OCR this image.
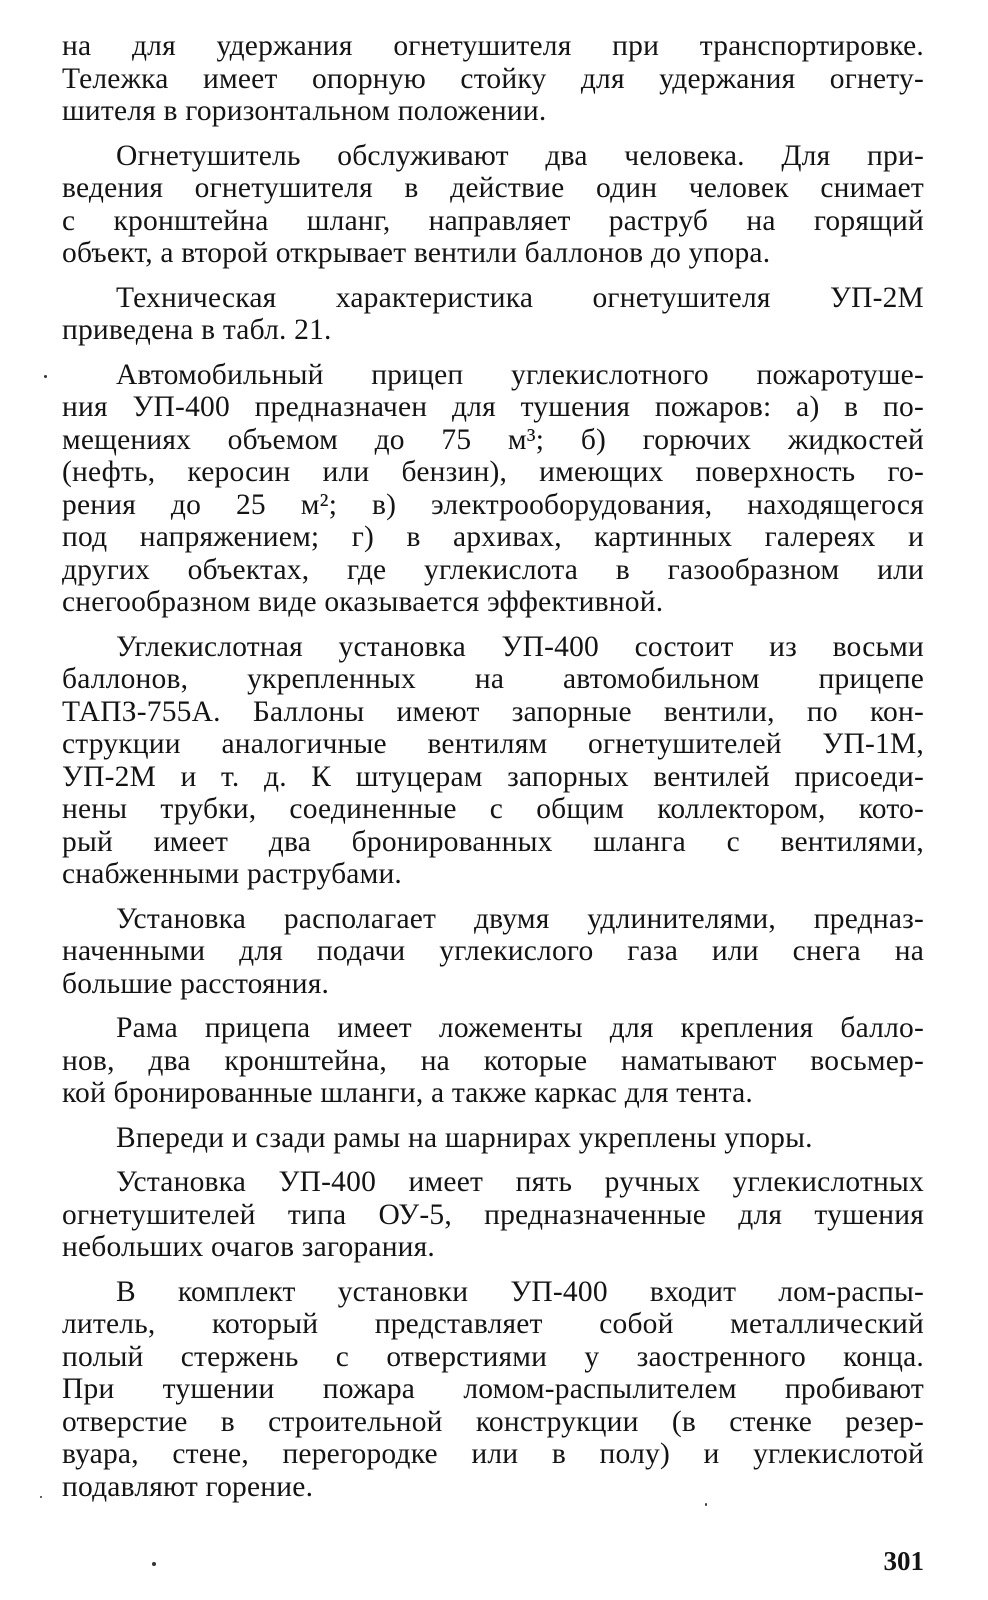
на для удержания огнетушителя при транспортировке.
Тележка имеет опорную стойку для удержания огнету-
шителя в горизонтальном положении.

Огнетушитель обслуживают два человека. Для при-
ведения огнетушителя в действие один человек снимает
с кронштейна шланг, направляет раструб на горящий
объект, а второй открывает вентили баллонов до упора.

Техническая характеристика огнетушителя УП-2М
приведена в табл. 21.

Автомобильный прицеп углекислотного пожаротуше-
ния УП-400 предназначен для тушения пожаров: а) в по-
мещениях объемом до 75 м³; б) горючих жидкостей
(нефть, керосин или бензин), имеющих поверхность го-
рения до 25 м²; в) электрооборудования, находящегося
под напряжением; г) в архивах, картинных галереях и
других объектах, где углекислота в газообразном или
снегообразном виде оказывается эффективной.

Углекислотная установка УП-400 состоит из восьми
баллонов, укрепленных на автомобильном прицепе
ТАПЗ-755А. Баллоны имеют запорные вентили, по кон-
струкции аналогичные вентилям огнетушителей УП-1М,
УП-2М и т. д. К штуцерам запорных вентилей присоеди-
нены трубки, соединенные с общим коллектором, кото-
рый имеет два бронированных шланга с вентилями,
снабженными раструбами.

Установка располагает двумя удлинителями, предназ-
наченными для подачи углекислого газа или снега на
большие расстояния.

Рама прицепа имеет ложементы для крепления балло-
нов, два кронштейна, на которые наматывают восьмер-
кой бронированные шланги, а также каркас для тента.

Впереди и сзади рамы на шарнирах укреплены упоры.

Установка УП-400 имеет пять ручных углекислотных
огнетушителей типа ОУ-5, предназначенные для тушения
небольших очагов загорания.

В комплект установки УП-400 входит лом-распы-
литель, который представляет собой металлический
полый стержень с отверстиями у заостренного конца.
При тушении пожара ломом-распылителем пробивают
отверстие в строительной конструкции (в стенке резер-
вуара, стене, перегородке или в полу) и углекислотой
подавляют горение.

301
